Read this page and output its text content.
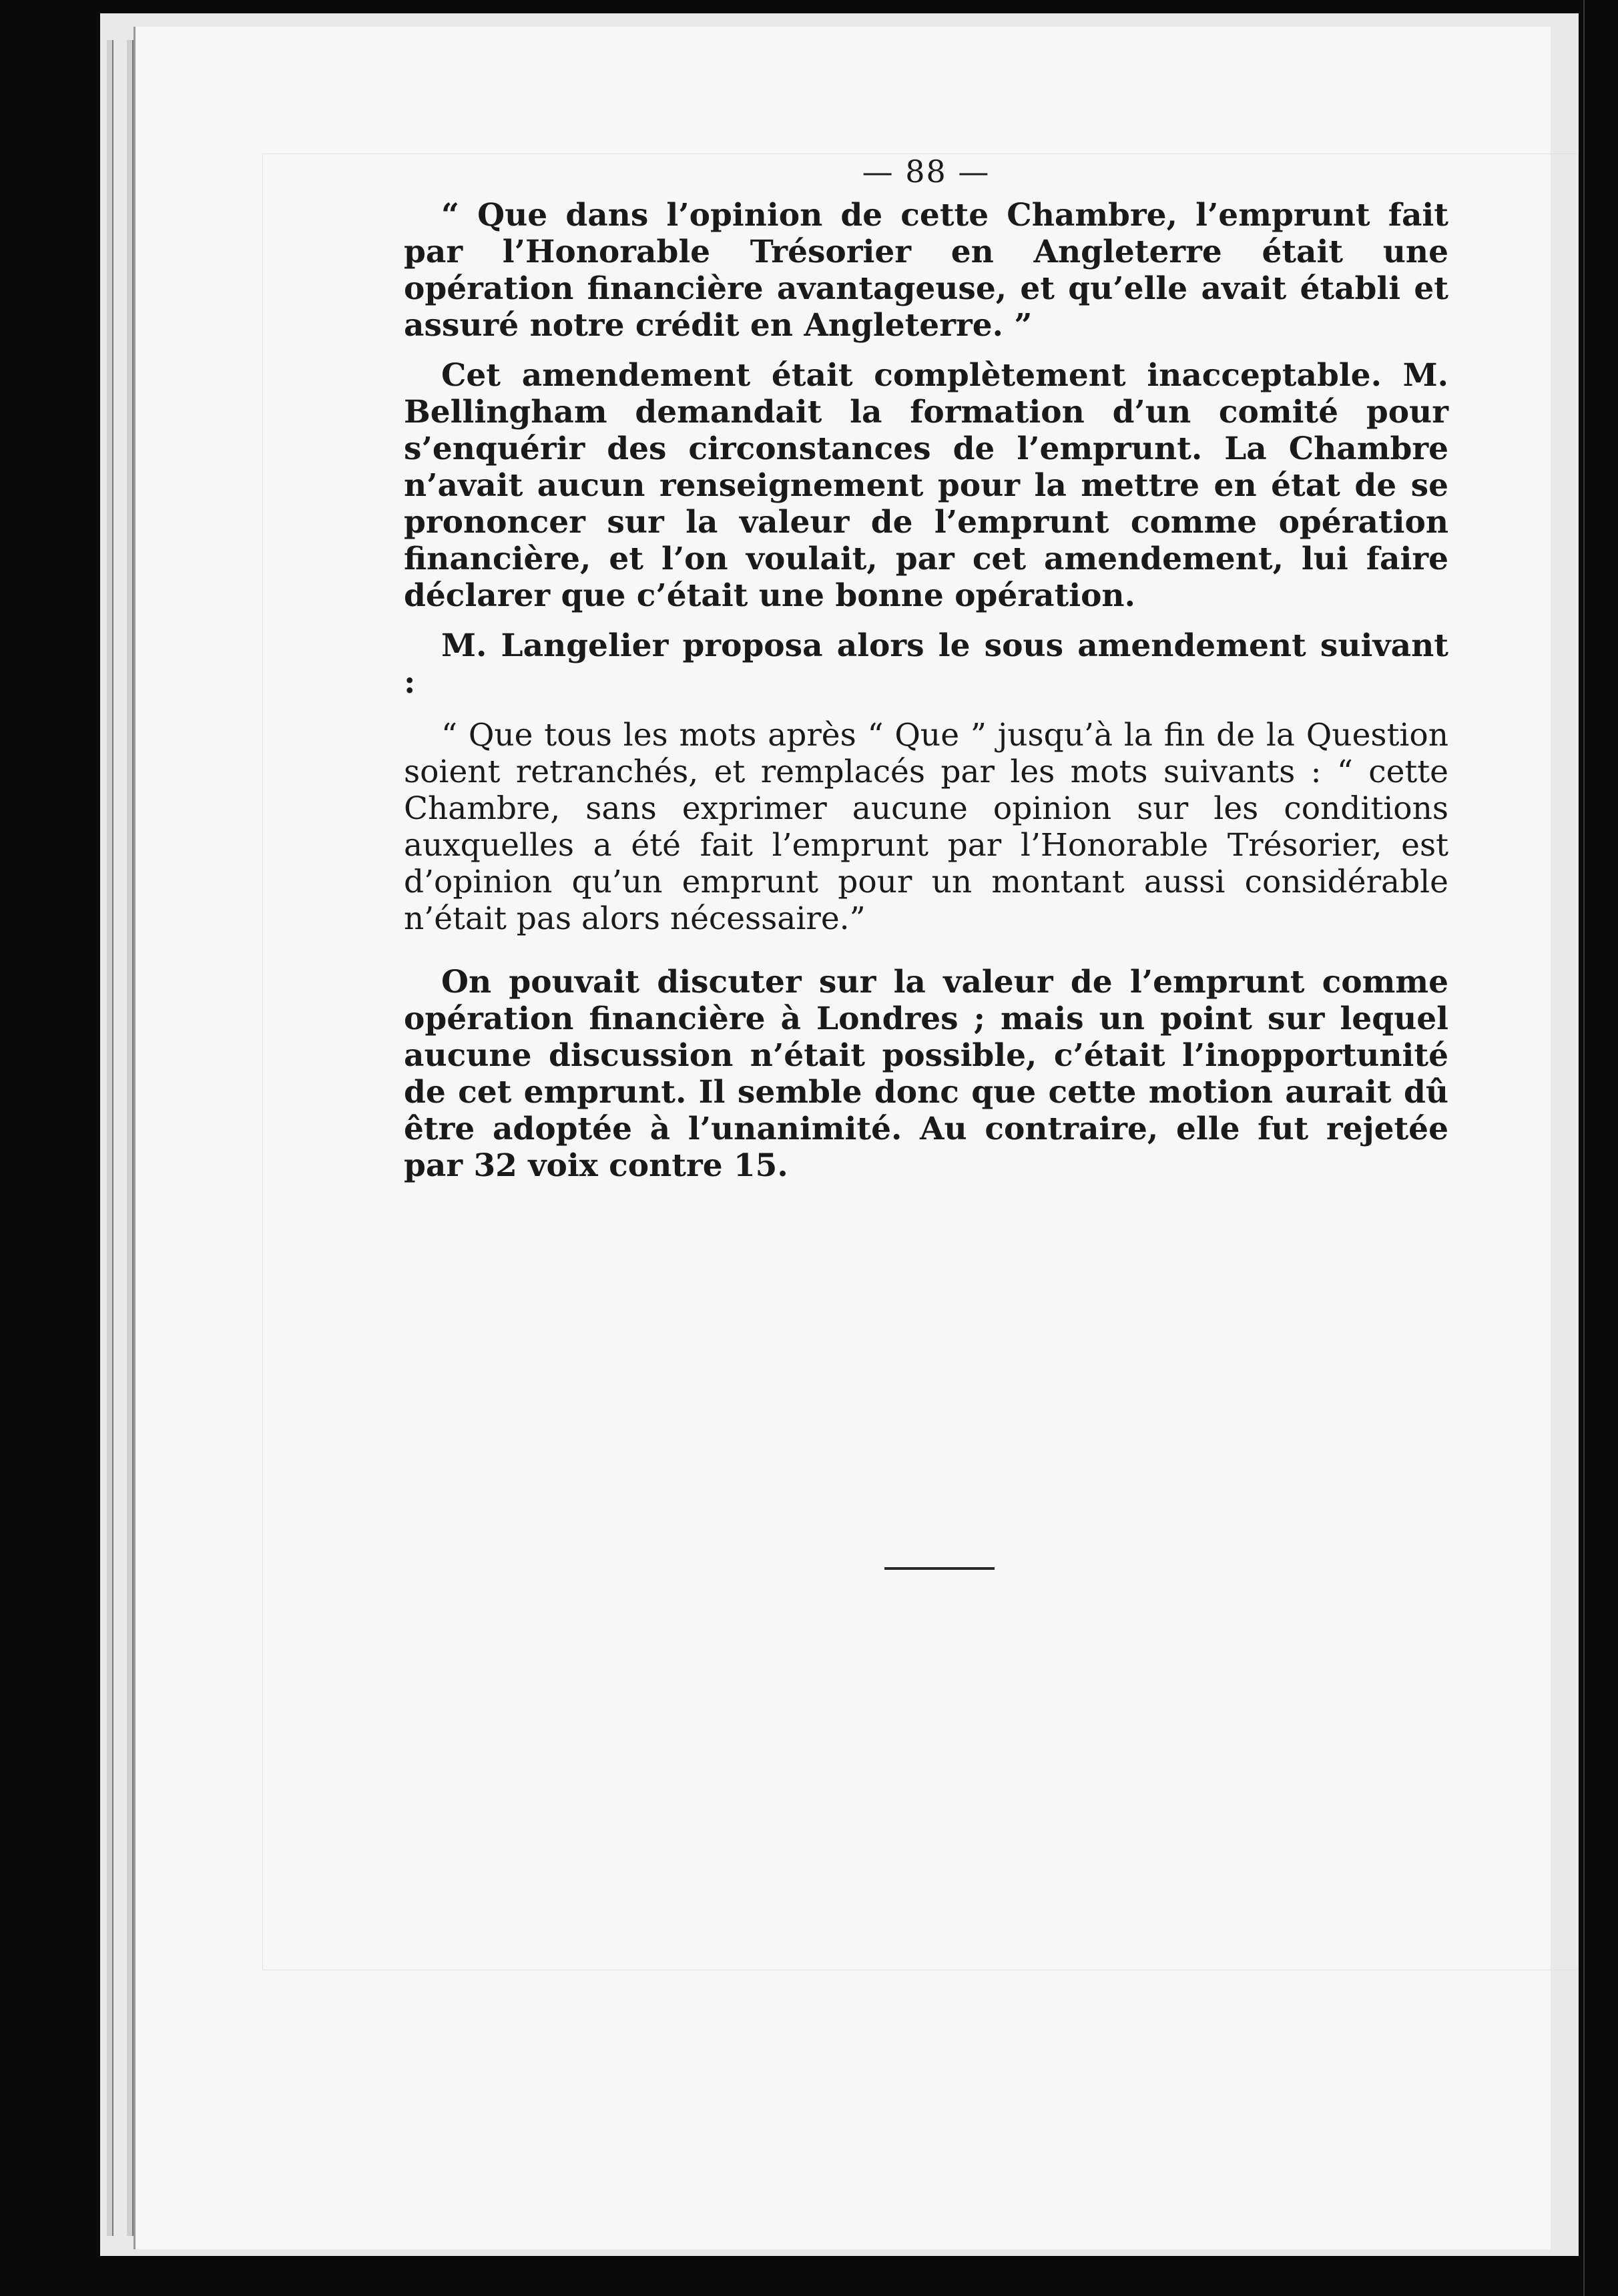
— 88 —

“ Que dans l’opinion de cette Chambre, l’emprunt fait par l’Honorable Trésorier en Angleterre était une opération financière avantageuse, et qu’elle avait établi et assuré notre crédit en Angleterre. ”

Cet amendement était complètement inacceptable. M. Bellingham demandait la formation d’un comité pour s’enquérir des circonstances de l’emprunt. La Chambre n’avait aucun renseignement pour la mettre en état de se prononcer sur la valeur de l’emprunt comme opération financière, et l’on voulait, par cet amendement, lui faire déclarer que c’était une bonne opération.

M. Langelier proposa alors le sous amendement suivant :

“ Que tous les mots après “ Que ” jusqu’à la fin de la Question soient retranchés, et remplacés par les mots suivants : “ cette Chambre, sans exprimer aucune opinion sur les conditions auxquelles a été fait l’emprunt par l’Honorable Trésorier, est d’opinion qu’un emprunt pour un montant aussi considérable n’était pas alors nécessaire.”

On pouvait discuter sur la valeur de l’emprunt comme opération financière à Londres ; mais un point sur lequel aucune discussion n’était possible, c’était l’inopportunité de cet emprunt. Il semble donc que cette motion aurait dû être adoptée à l’unanimité. Au contraire, elle fut rejetée par 32 voix contre 15.
